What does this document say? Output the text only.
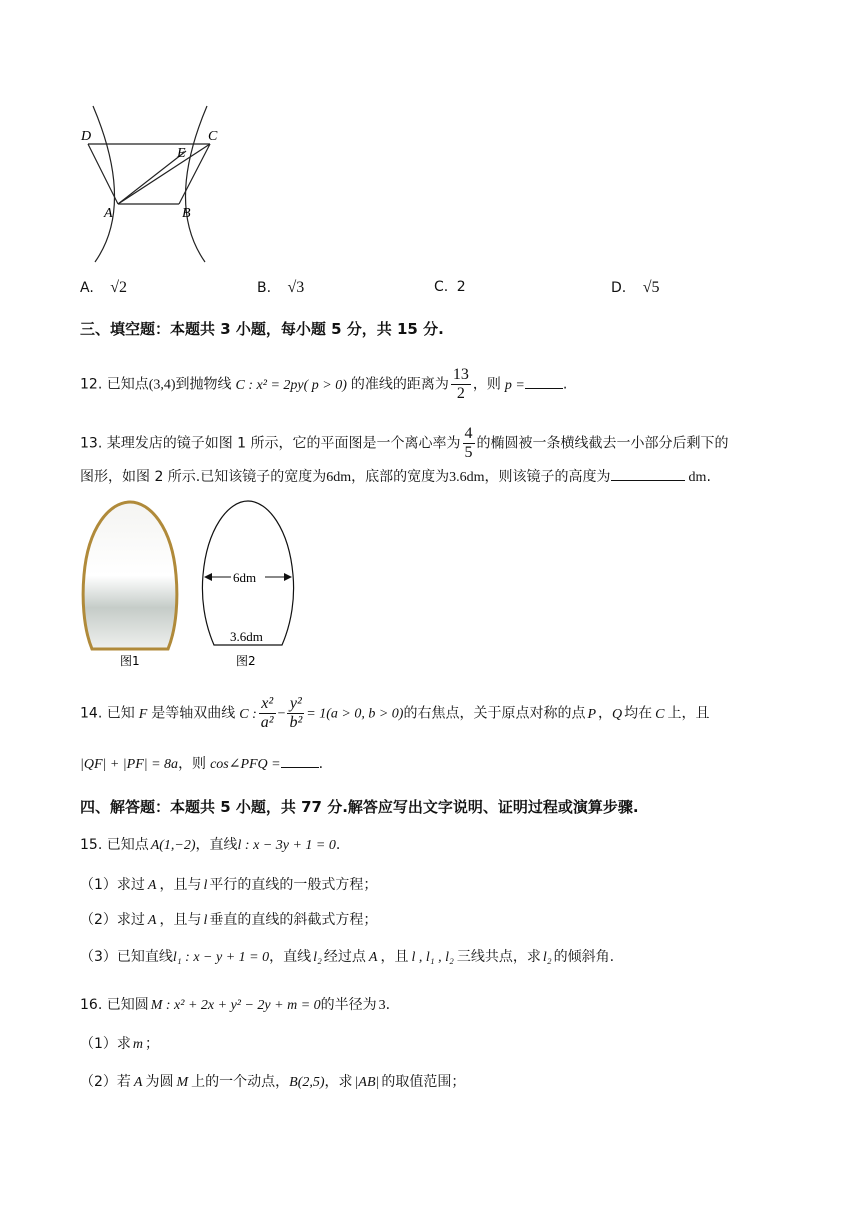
D	C
E
A	B
A. √2	B. √3	C. 2	D. √5
三、填空题：本题共 3 小题，每小题 5 分，共 15 分.
12. 已知点(3,4)到抛物线 C : x² = 2py( p > 0) 的准线的距离为 $\frac{13}{2}$ ，则 p =	.
13. 某理发店的镜子如图 1 所示，它的平面图是一个离心率为 $\frac{4}{5}$ 的椭圆被一条横线截去一小部分后剩下的
图形，如图 2 所示.已知该镜子的宽度为6dm，底部的宽度为3.6dm，则该镜子的高度为	dm.
图1
6dm
3.6dm
图2
14. 已知 F 是等轴双曲线 C : $\frac{\text{x²}}{\text{a²}} - \frac{\text{y²}}{\text{b²}} = 1(a > 0$, b > 0)的右焦点，关于原点对称的点 P ，Q 均在 C 上，且
|QF| + |PF| = 8a，则 cos∠PFQ =	.
四、解答题：本题共 5 小题，共 77 分.解答应写出文字说明、证明过程或演算步骤.
15. 已知点 A(1,−2)，直线l : x − 3y + 1 = 0.
（1）求过 A ，且与 l 平行的直线的一般式方程；
（2）求过 A ，且与 l 垂直的直线的斜截式方程；
（3）已知直线l₁ : x − y + 1 = 0，直线 l₂ 经过点 A ，且 l , l₁ , l₂ 三线共点，求 l₂ 的倾斜角.
16. 已知圆 M : x² + 2x + y² − 2y + m = 0的半径为 3.
（1）求 m ；
（2）若 A 为圆 M 上的一个动点，B(2,5)，求 |AB| 的取值范围；
